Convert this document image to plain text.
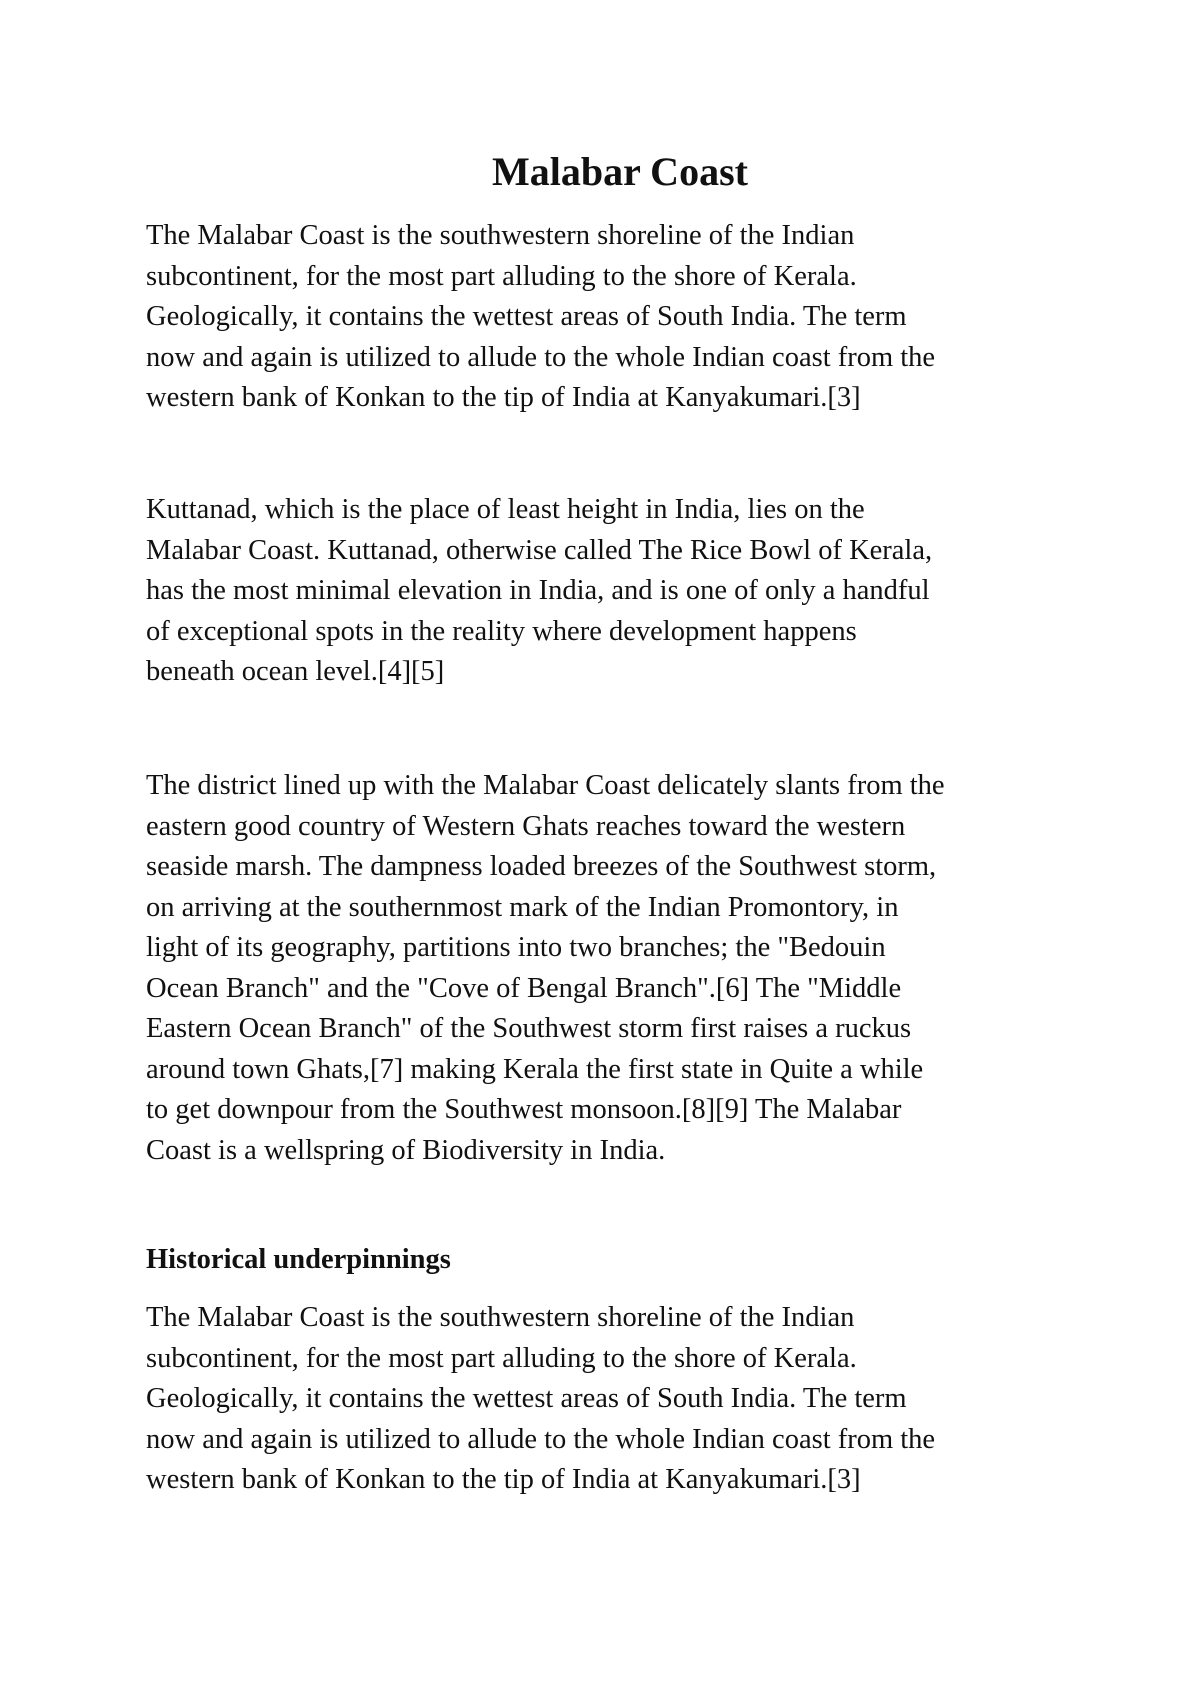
Malabar Coast

The Malabar Coast is the southwestern shoreline of the Indian
subcontinent, for the most part alluding to the shore of Kerala.
Geologically, it contains the wettest areas of South India. The term
now and again is utilized to allude to the whole Indian coast from the
western bank of Konkan to the tip of India at Kanyakumari.[3]

Kuttanad, which is the place of least height in India, lies on the
Malabar Coast. Kuttanad, otherwise called The Rice Bowl of Kerala,
has the most minimal elevation in India, and is one of only a handful
of exceptional spots in the reality where development happens
beneath ocean level.[4][5]

The district lined up with the Malabar Coast delicately slants from the
eastern good country of Western Ghats reaches toward the western
seaside marsh. The dampness loaded breezes of the Southwest storm,
on arriving at the southernmost mark of the Indian Promontory, in
light of its geography, partitions into two branches; the "Bedouin
Ocean Branch" and the "Cove of Bengal Branch".[6] The "Middle
Eastern Ocean Branch" of the Southwest storm first raises a ruckus
around town Ghats,[7] making Kerala the first state in Quite a while
to get downpour from the Southwest monsoon.[8][9] The Malabar
Coast is a wellspring of Biodiversity in India.

Historical underpinnings

The Malabar Coast is the southwestern shoreline of the Indian
subcontinent, for the most part alluding to the shore of Kerala.
Geologically, it contains the wettest areas of South India. The term
now and again is utilized to allude to the whole Indian coast from the
western bank of Konkan to the tip of India at Kanyakumari.[3]
